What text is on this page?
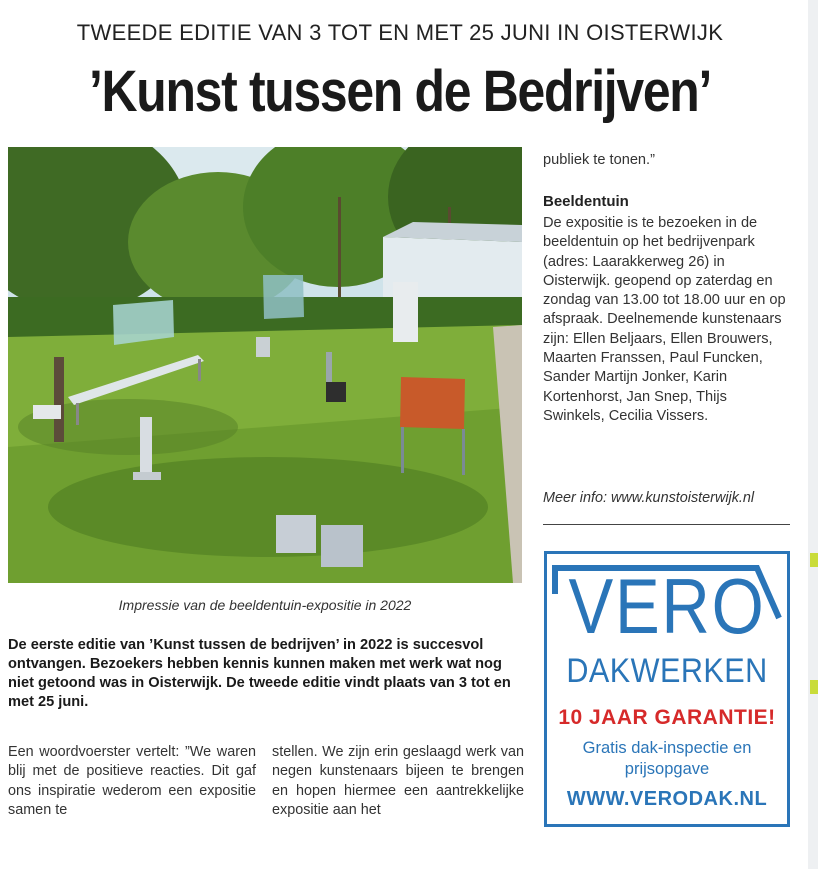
TWEEDE EDITIE VAN 3 TOT EN MET 25 JUNI IN OISTERWIJK
’Kunst tussen de Bedrijven’
Impressie van de beeldentuin-expositie in 2022

De eerste editie van ’Kunst tussen de bedrijven’ in 2022 is succesvol ontvangen. Bezoekers hebben kennis kunnen maken met werk wat nog niet getoond was in Oisterwijk. De tweede editie vindt plaats van 3 tot en met 25 juni.

Een woordvoerster vertelt: ”We waren blij met de positieve reacties. Dit gaf ons inspiratie wederom een expositie samen te

stellen. We zijn erin geslaagd werk van negen kunstenaars bijeen te brengen en hopen hiermee een aantrekkelijke expositie aan het

publiek te tonen.”

Beeldentuin

De expositie is te bezoeken in de beeldentuin op het bedrijvenpark (adres: Laarakkerweg 26) in Oisterwijk. geopend op zaterdag en zondag van 13.00 tot 18.00 uur en op afspraak. Deelnemende kunstenaars zijn: Ellen Beljaars, Ellen Brouwers, Maarten Franssen, Paul Funcken, Sander Martijn Jonker, Karin Kortenhorst, Jan Snep, Thijs Swinkels, Cecilia Vissers.

Meer info: www.kunstoisterwijk.nl

VERO
DAKWERKEN
10 JAAR GARANTIE!
Gratis dak-inspectie en
prijsopgave
WWW.VERODAK.NL
